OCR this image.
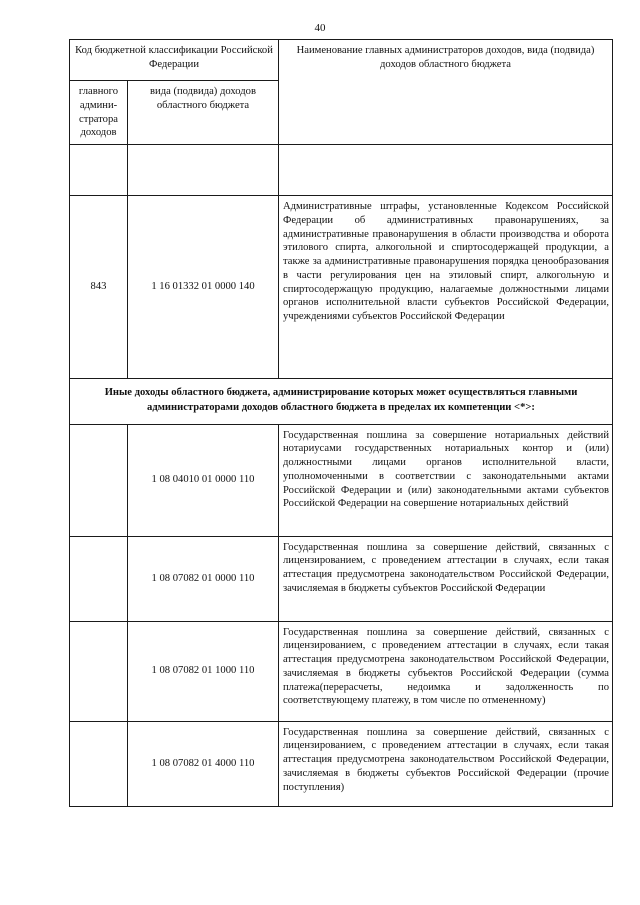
40
Код бюджетной классификации Российской Федерации		Наименование главных администраторов доходов, вида (подвида) доходов областного бюджета
главного админи- стратора доходов	вида (подвида) доходов областного бюджета	

843	1 16 01332 01 0000 140	Административные штрафы, установленные Кодексом Российской Федерации об административных правонарушениях, за административные правонарушения в области производства и оборота этилового спирта, алкогольной и спиртосодержащей продукции, а также за административные правонарушения порядка ценообразования в части регулирования цен на этиловый спирт, алкогольную и спиртосодержащую продукцию, налагаемые должностными лицами органов исполнительной власти субъектов Российской Федерации, учреждениями субъектов Российской Федерации
Иные доходы областного бюджета, администрирование которых может осуществляться главными администраторами доходов областного бюджета в пределах их компетенции <*>:		
	1 08 04010 01 0000 110	Государственная пошлина за совершение нотариальных действий нотариусами государственных нотариальных контор и (или) должностными лицами органов исполнительной власти, уполномоченными в соответствии с законодательными актами Российской Федерации и (или) законодательными актами субъектов Российской Федерации на совершение нотариальных действий
	1 08 07082 01 0000 110	Государственная пошлина за совершение действий, связанных с лицензированием, с проведением аттестации в случаях, если такая аттестация предусмотрена законодательством Российской Федерации, зачисляемая в бюджеты субъектов Российской Федерации
	1 08 07082 01 1000 110	Государственная пошлина за совершение действий, связанных с лицензированием, с проведением аттестации в случаях, если такая аттестация предусмотрена законодательством Российской Федерации, зачисляемая в бюджеты субъектов Российской Федерации (сумма платежа(перерасчеты, недоимка и задолженность по соответствующему платежу, в том числе по отмененному)
	1 08 07082 01 4000 110	Государственная пошлина за совершение действий, связанных с лицензированием, с проведением аттестации в случаях, если такая аттестация предусмотрена законодательством Российской Федерации, зачисляемая в бюджеты субъектов Российской Федерации (прочие поступления)
